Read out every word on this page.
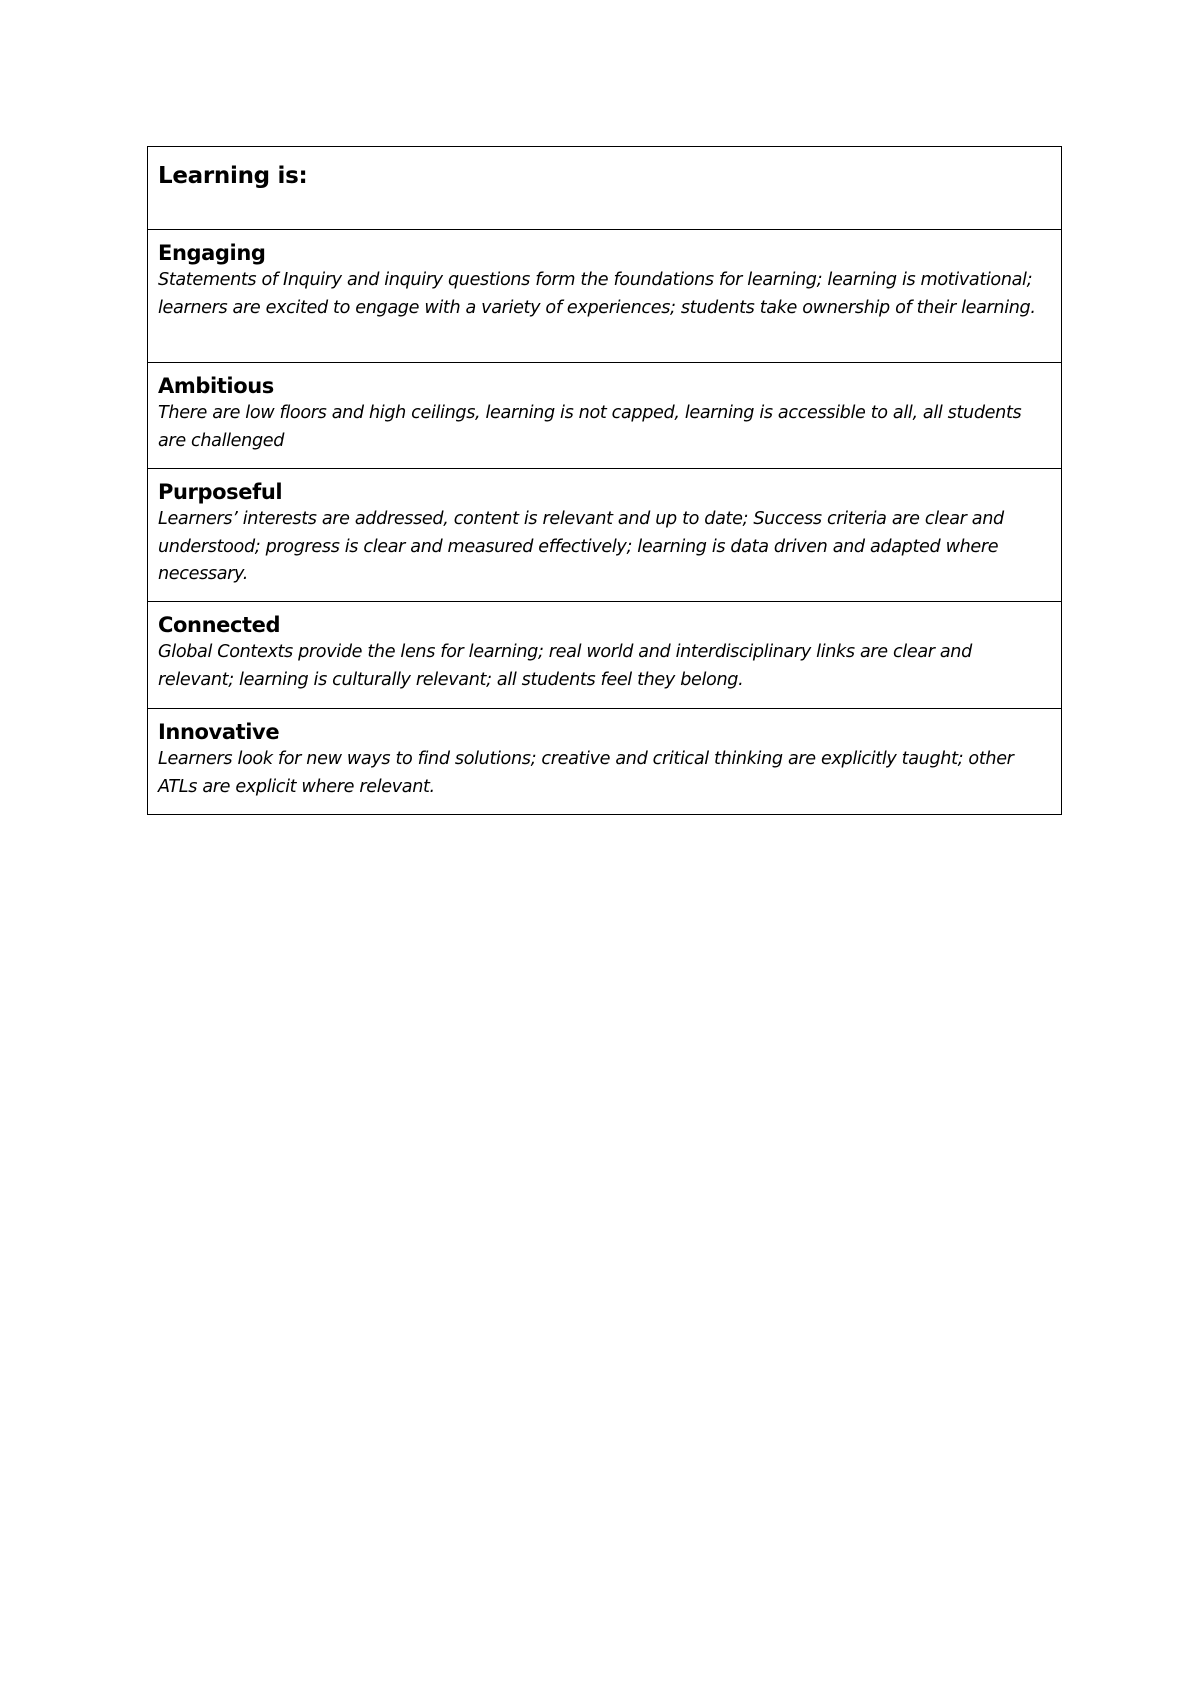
Learning is:

Engaging
Statements of Inquiry and inquiry questions form the foundations for learning; learning is motivational; learners are excited to engage with a variety of experiences; students take ownership of their learning.

Ambitious
There are low floors and high ceilings, learning is not capped, learning is accessible to all, all students are challenged

Purposeful
Learners’ interests are addressed, content is relevant and up to date; Success criteria are clear and understood; progress is clear and measured effectively; learning is data driven and adapted where necessary.

Connected
Global Contexts provide the lens for learning; real world and interdisciplinary links are clear and relevant; learning is culturally relevant; all students feel they belong.

Innovative
Learners look for new ways to find solutions; creative and critical thinking are explicitly taught; other ATLs are explicit where relevant.
